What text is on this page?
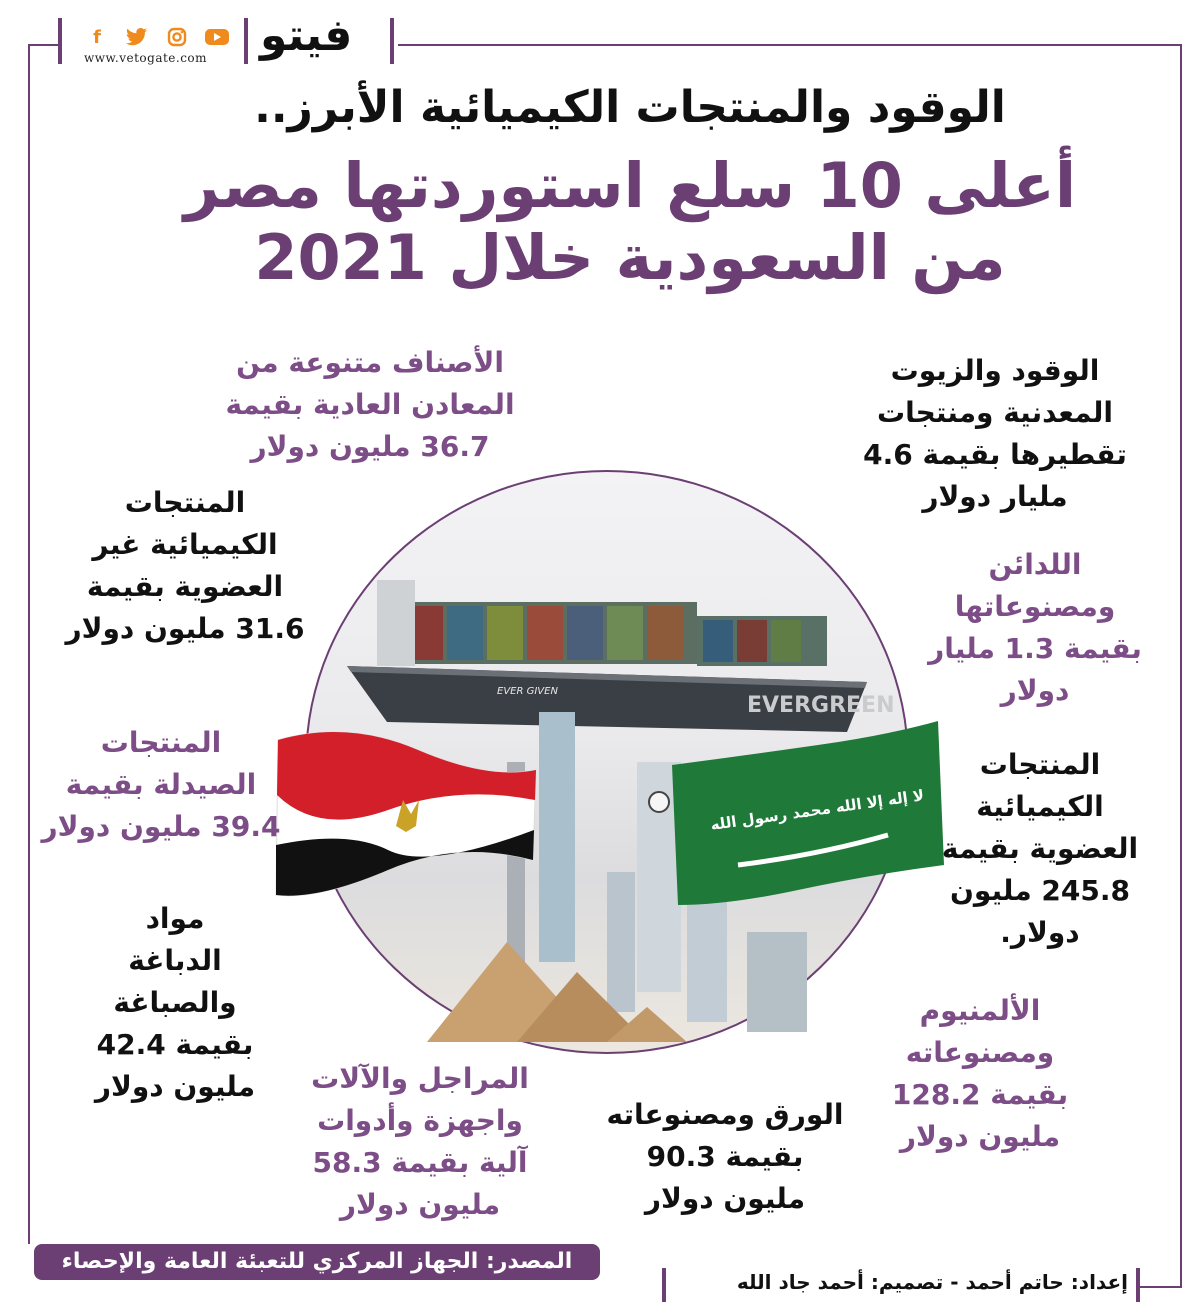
f
www.vetogate.com فيتو
الوقود والمنتجات الكيميائية الأبرز..
أعلى 10 سلع استوردتها مصر
من السعودية خلال 2021
EVER GIVEN
EVERGREEN
لا إله إلا الله محمد رسول الله
الوقود والزيوت
المعدنية ومنتجات
تقطيرها بقيمة 4.6
مليار دولار
الأصناف متنوعة من
المعادن العادية بقيمة
36.7 مليون دولار
المنتجات
الكيميائية غير
العضوية بقيمة
31.6 مليون دولار
اللدائن
ومصنوعاتها
بقيمة 1.3 مليار
دولار
المنتجات
الصيدلة بقيمة
39.4 مليون دولار
المنتجات
الكيميائية
العضوية بقيمة
245.8 مليون
دولار.
مواد
الدباغة
والصباغة
بقيمة 42.4
مليون دولار
الألمنيوم
ومصنوعاته
بقيمة 128.2
مليون دولار
المراجل والآلات
واجهزة وأدوات
آلية بقيمة 58.3
مليون دولار
الورق ومصنوعاته
بقيمة 90.3
مليون دولار
المصدر: الجهاز المركزي للتعبئة العامة والإحصاء
إعداد: حاتم أحمد - تصميم: أحمد جاد الله
